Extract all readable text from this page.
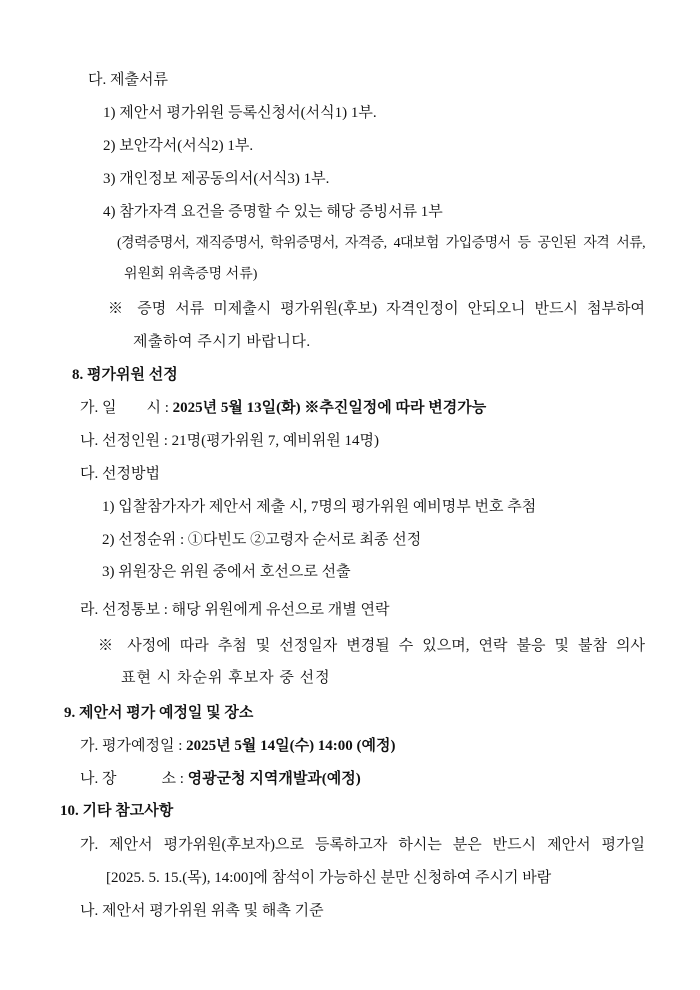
다. 제출서류
1) 제안서 평가위원 등록신청서(서식1) 1부.
2) 보안각서(서식2) 1부.
3) 개인정보 제공동의서(서식3) 1부.
4) 참가자격 요건을 증명할 수 있는 해당 증빙서류 1부
(경력증명서, 재직증명서, 학위증명서, 자격증, 4대보험 가입증명서 등 공인된 자격 서류,
위원회 위촉증명 서류)
※ 증명 서류 미제출시 평가위원(후보) 자격인정이 안되오니 반드시 첨부하여
제출하여 주시기 바랍니다.
8. 평가위원 선정
가. 일　　시 : 2025년 5월 13일(화) ※추진일정에 따라 변경가능
나. 선정인원 : 21명(평가위원 7, 예비위원 14명)
다. 선정방법
1) 입찰참가자가 제안서 제출 시, 7명의 평가위원 예비명부 번호 추첨
2) 선정순위 : ①다빈도 ②고령자 순서로 최종 선정
3) 위원장은 위원 중에서 호선으로 선출
라. 선정통보 : 해당 위원에게 유선으로 개별 연락
※ 사정에 따라 추첨 및 선정일자 변경될 수 있으며, 연락 불응 및 불참 의사
표현 시 차순위 후보자 중 선정
9. 제안서 평가 예정일 및 장소
가. 평가예정일 : 2025년 5월 14일(수) 14:00 (예정)
나. 장　　　소 : 영광군청 지역개발과(예정)
10. 기타 참고사항
가. 제안서 평가위원(후보자)으로 등록하고자 하시는 분은 반드시 제안서 평가일
[2025. 5. 15.(목), 14:00]에 참석이 가능하신 분만 신청하여 주시기 바람
나. 제안서 평가위원 위촉 및 해촉 기준
